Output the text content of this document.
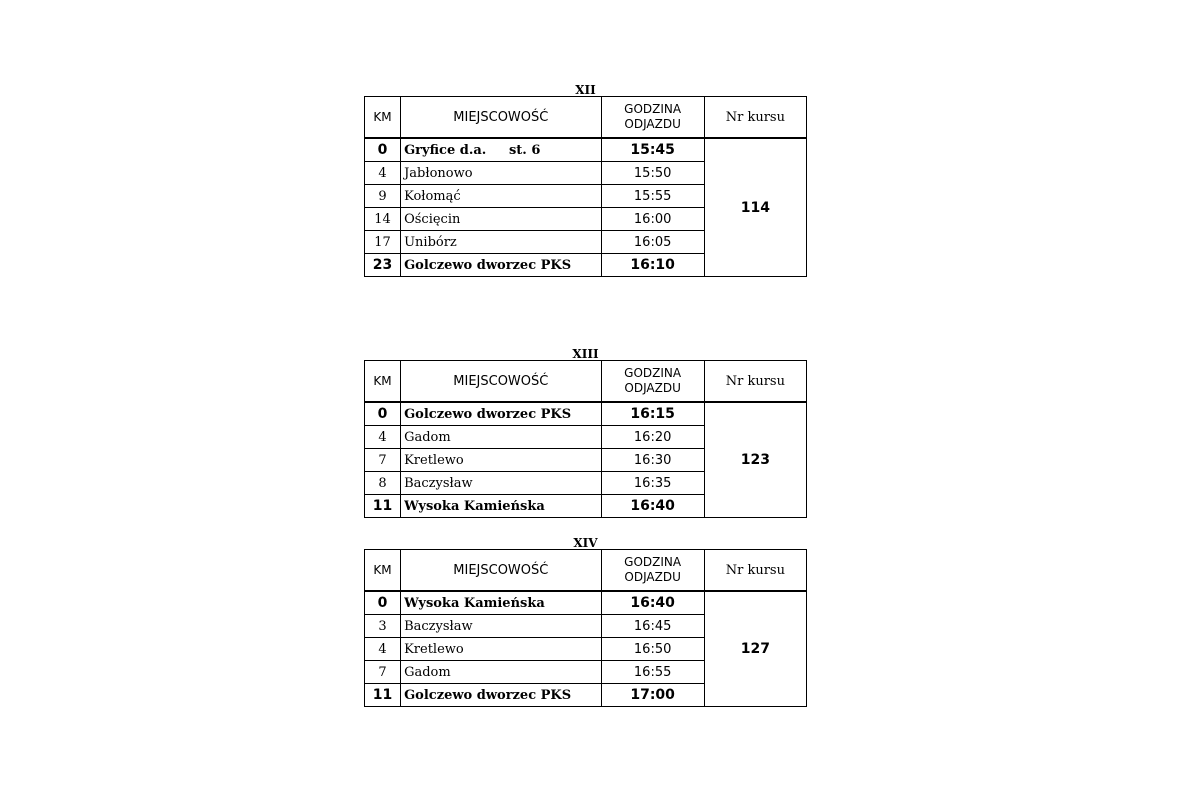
XII
KM	MIEJSCOWOŚĆ	GODZINA
ODJAZDU	Nr kursu
0	Gryfice d.a.     st. 6	15:45	114
4	Jabłonowo	15:50	
9	Kołomąć	15:55	
14	Ościęcin	16:00	
17	Unibórz	16:05	
23	Golczewo dworzec PKS	16:10	
XIII
KM	MIEJSCOWOŚĆ	GODZINA
ODJAZDU	Nr kursu
0	Golczewo dworzec PKS	16:15	123
4	Gadom	16:20	
7	Kretlewo	16:30	
8	Baczysław	16:35	
11	Wysoka Kamieńska	16:40	
XIV
KM	MIEJSCOWOŚĆ	GODZINA
ODJAZDU	Nr kursu
0	Wysoka Kamieńska	16:40	127
3	Baczysław	16:45	
4	Kretlewo	16:50	
7	Gadom	16:55	
11	Golczewo dworzec PKS	17:00	
